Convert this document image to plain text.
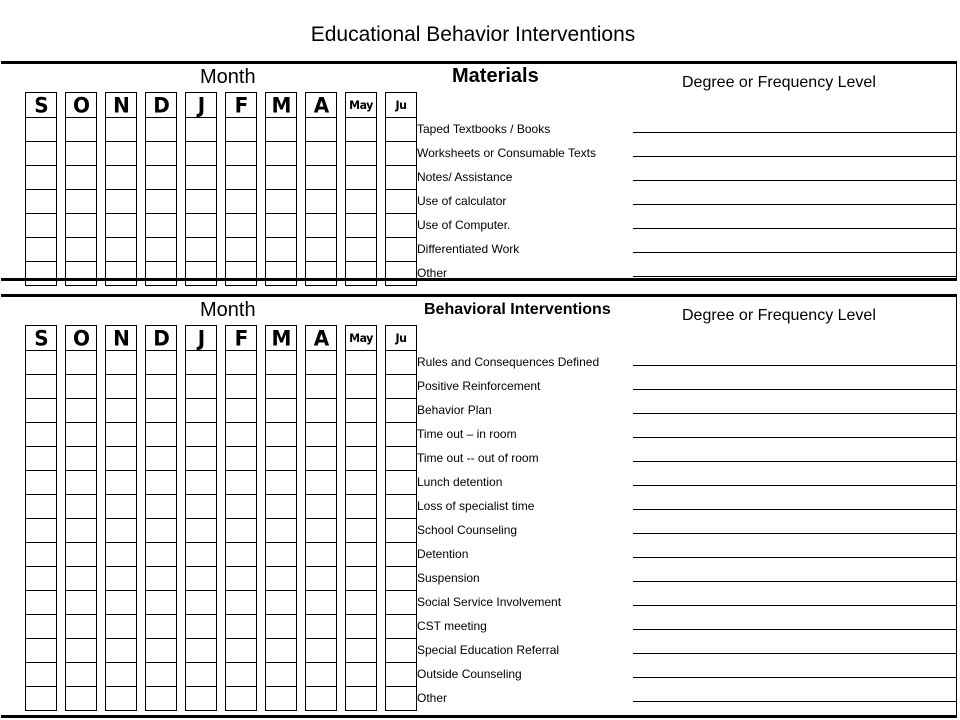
Educational Behavior Interventions
Month	Materials	Degree or Frequency Level
S	O	N	D	J	F	M	A	May	Ju
Taped Textbooks / Books
Worksheets or Consumable Texts
Notes/ Assistance
Use of calculator
Use of Computer.
Differentiated Work
Other
Month	Behavioral Interventions	Degree or Frequency Level
S	O	N	D	J	F	M	A	May	Ju
Rules and Consequences Defined
Positive Reinforcement
Behavior Plan
Time out – in room
Time out -- out of room
Lunch detention
Loss of specialist time
School Counseling
Detention
Suspension
Social Service Involvement
CST meeting
Special Education Referral
Outside Counseling
Other
